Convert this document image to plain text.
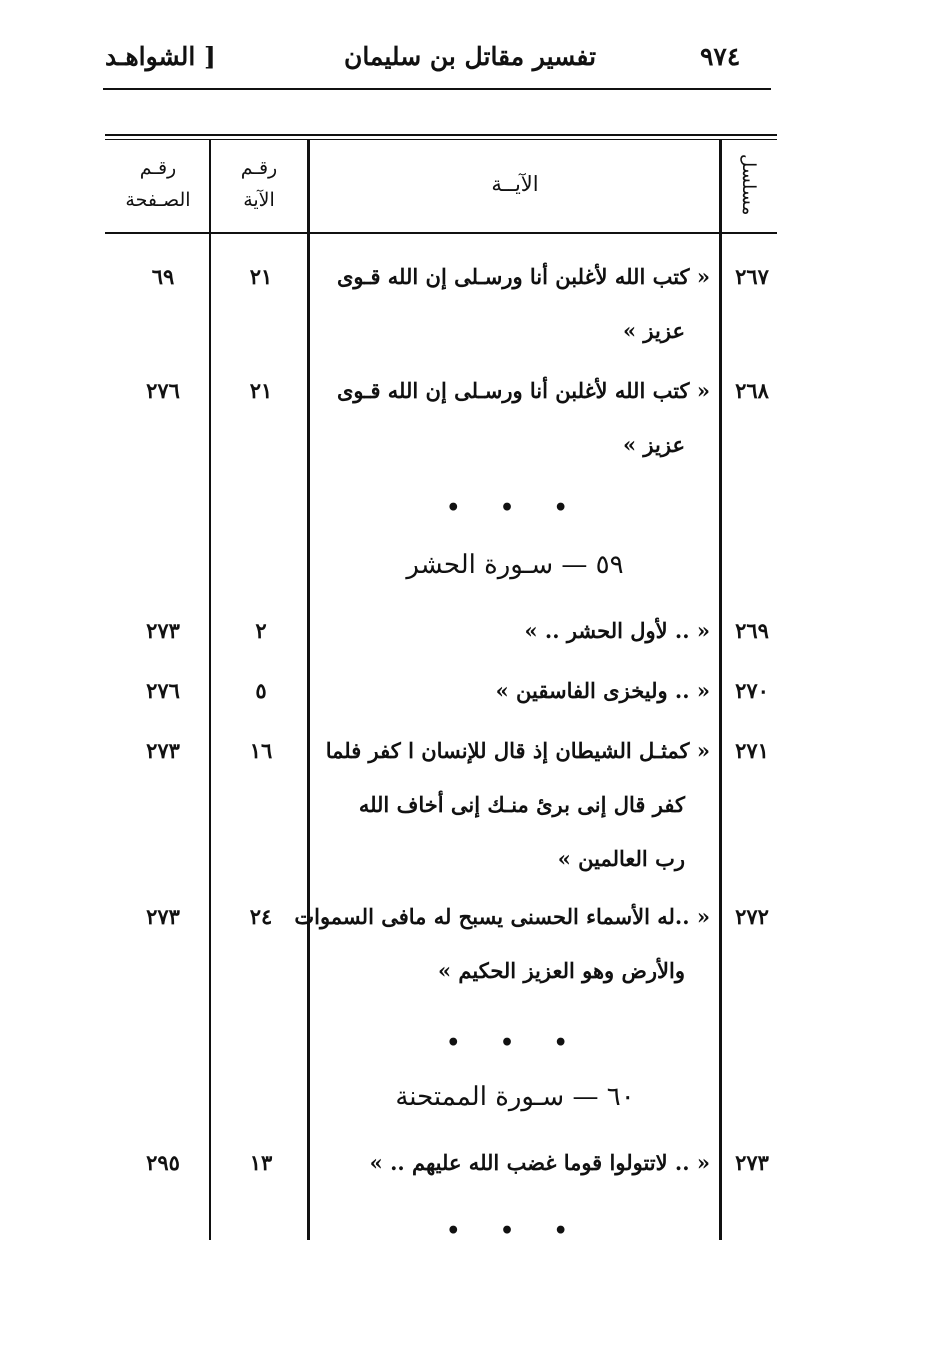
٩٧٤
تفسير مقاتل بن سليمان
[ الشواهـد
رقـم
الصـفحة
رقـم
الآية
الآيــة	مسلسل
٢٦٧
« كتب الله لأغلبن أنا ورسـلى إن الله قـوى
عزيز »
٢١
٦٩
٢٦٨
« كتب الله لأغلبن أنا ورسـلى إن الله قـوى
عزيز »
٢١
٢٧٦
• • •
٥٩ — سـورة الحشر
٢٦٩
« .. لأول الحشر .. »
٢
٢٧٣
٢٧٠
« .. وليخزى الفاسقين »
٥
٢٧٦
٢٧١
« كمثـل الشيطان إذ قال للإنسان ا كفر فلما
كفر قال إنى برئ منـك إنى أخاف الله
رب العالمين »
١٦
٢٧٣
٢٧٢
« ..له الأسماء الحسنى يسبح له مافى السموات
والأرض وهو العزيز الحكيم »
٢٤
٢٧٣
• • •
٦٠ — سـورة الممتحنة
٢٧٣
« .. لاتتولوا قوما غضب الله عليهم .. »
١٣
٢٩٥
• • •
